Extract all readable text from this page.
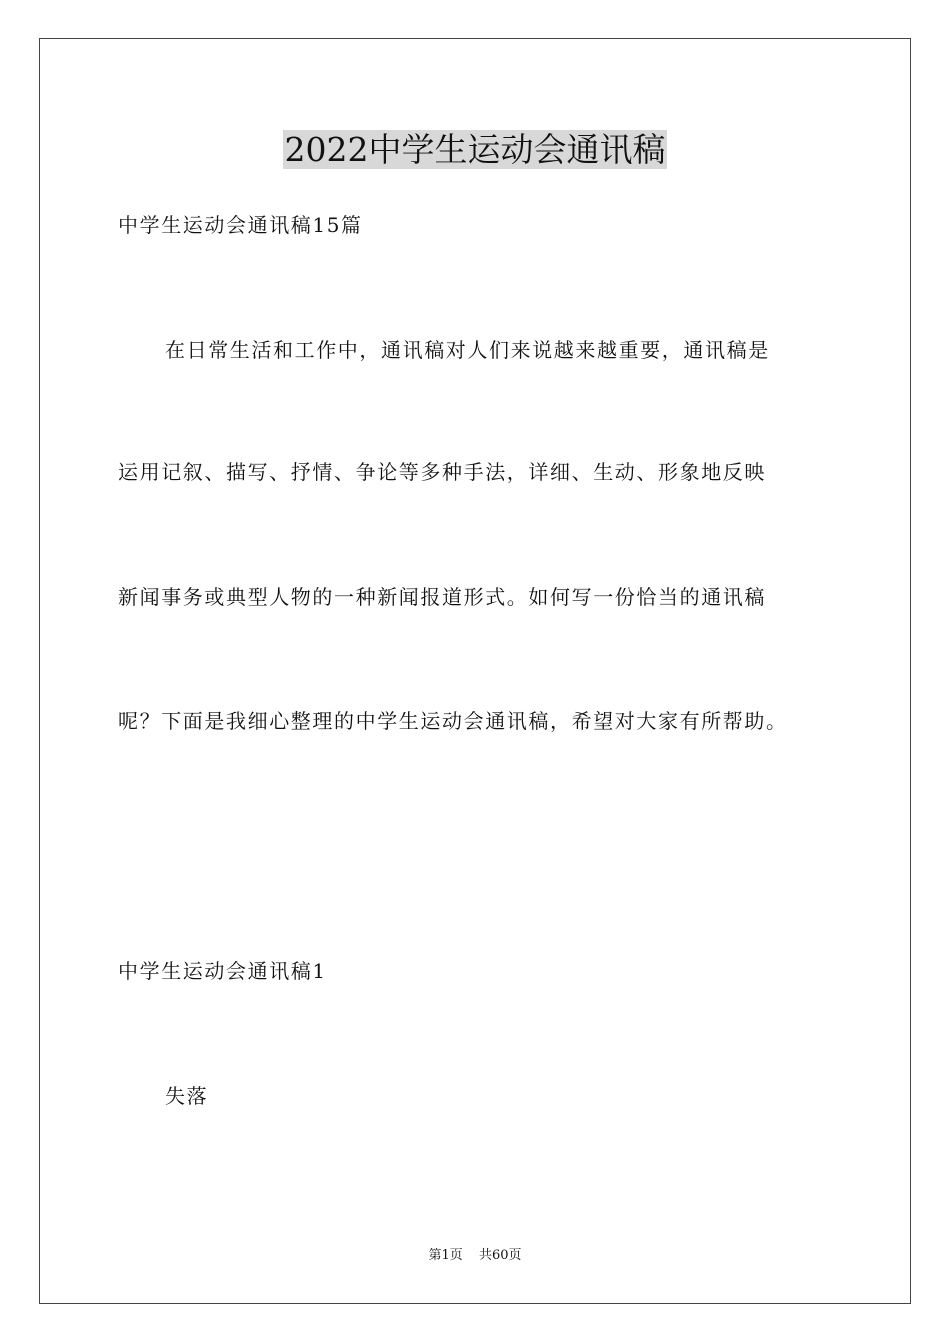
2022中学生运动会通讯稿
中学生运动会通讯稿15篇
在日常生活和工作中，通讯稿对人们来说越来越重要，通讯稿是
运用记叙、描写、抒情、争论等多种手法，详细、生动、形象地反映
新闻事务或典型人物的一种新闻报道形式。如何写一份恰当的通讯稿
呢？下面是我细心整理的中学生运动会通讯稿，希望对大家有所帮助。
中学生运动会通讯稿1
失落
第1页 共60页
